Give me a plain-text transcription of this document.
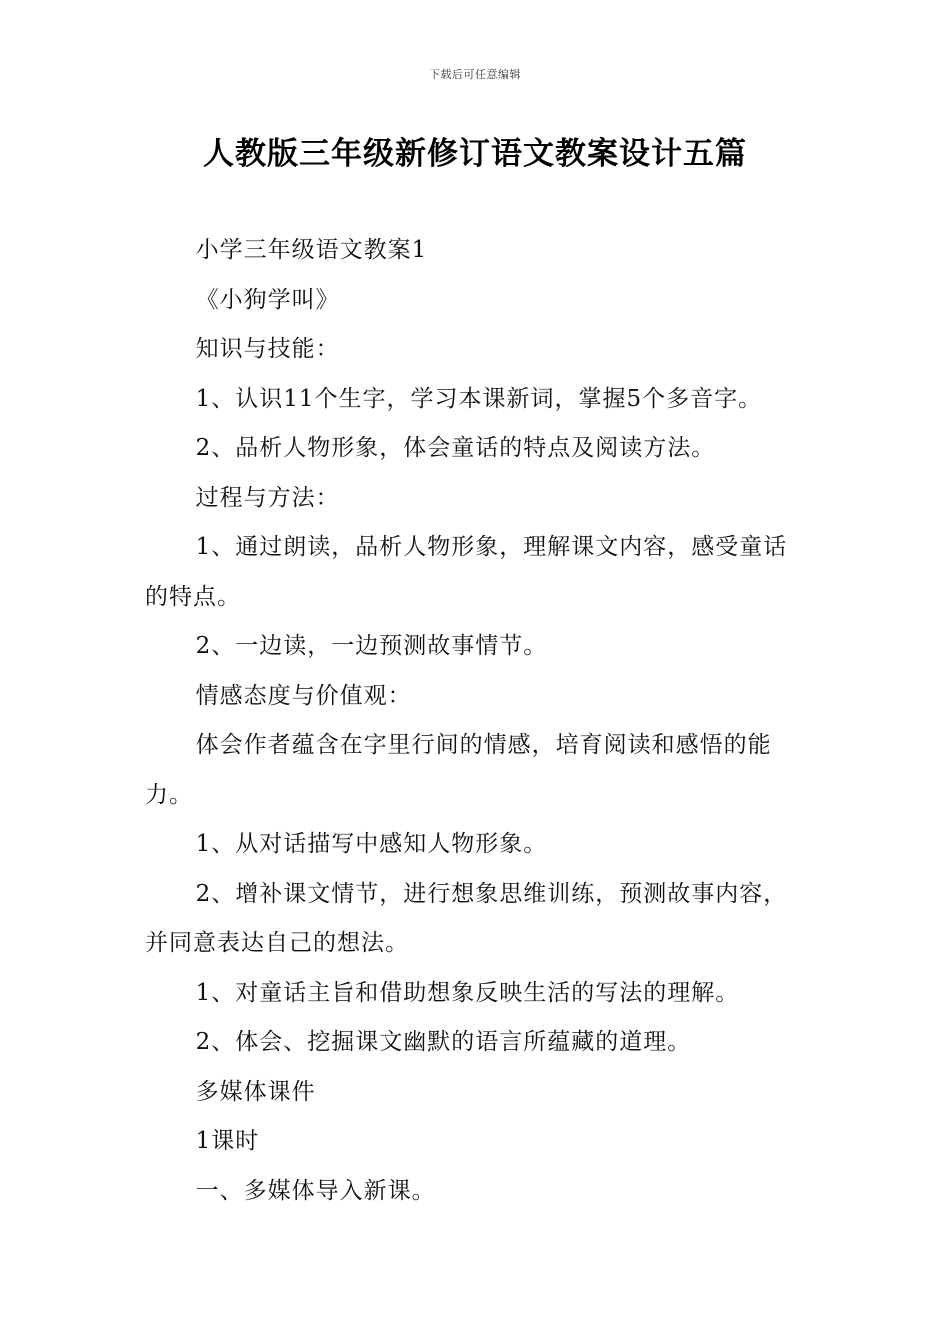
下载后可任意编辑
人教版三年级新修订语文教案设计五篇

小学三年级语文教案1

《小狗学叫》

知识与技能：

1、认识11个生字，学习本课新词，掌握5个多音字。

2、品析人物形象，体会童话的特点及阅读方法。

过程与方法：

1、通过朗读，品析人物形象，理解课文内容，感受童话的特点。

2、一边读，一边预测故事情节。

情感态度与价值观：

体会作者蕴含在字里行间的情感，培育阅读和感悟的能力。

1、从对话描写中感知人物形象。

2、增补课文情节，进行想象思维训练，预测故事内容，并同意表达自己的想法。

1、对童话主旨和借助想象反映生活的写法的理解。

2、体会、挖掘课文幽默的语言所蕴藏的道理。

多媒体课件

1课时

一、多媒体导入新课。
